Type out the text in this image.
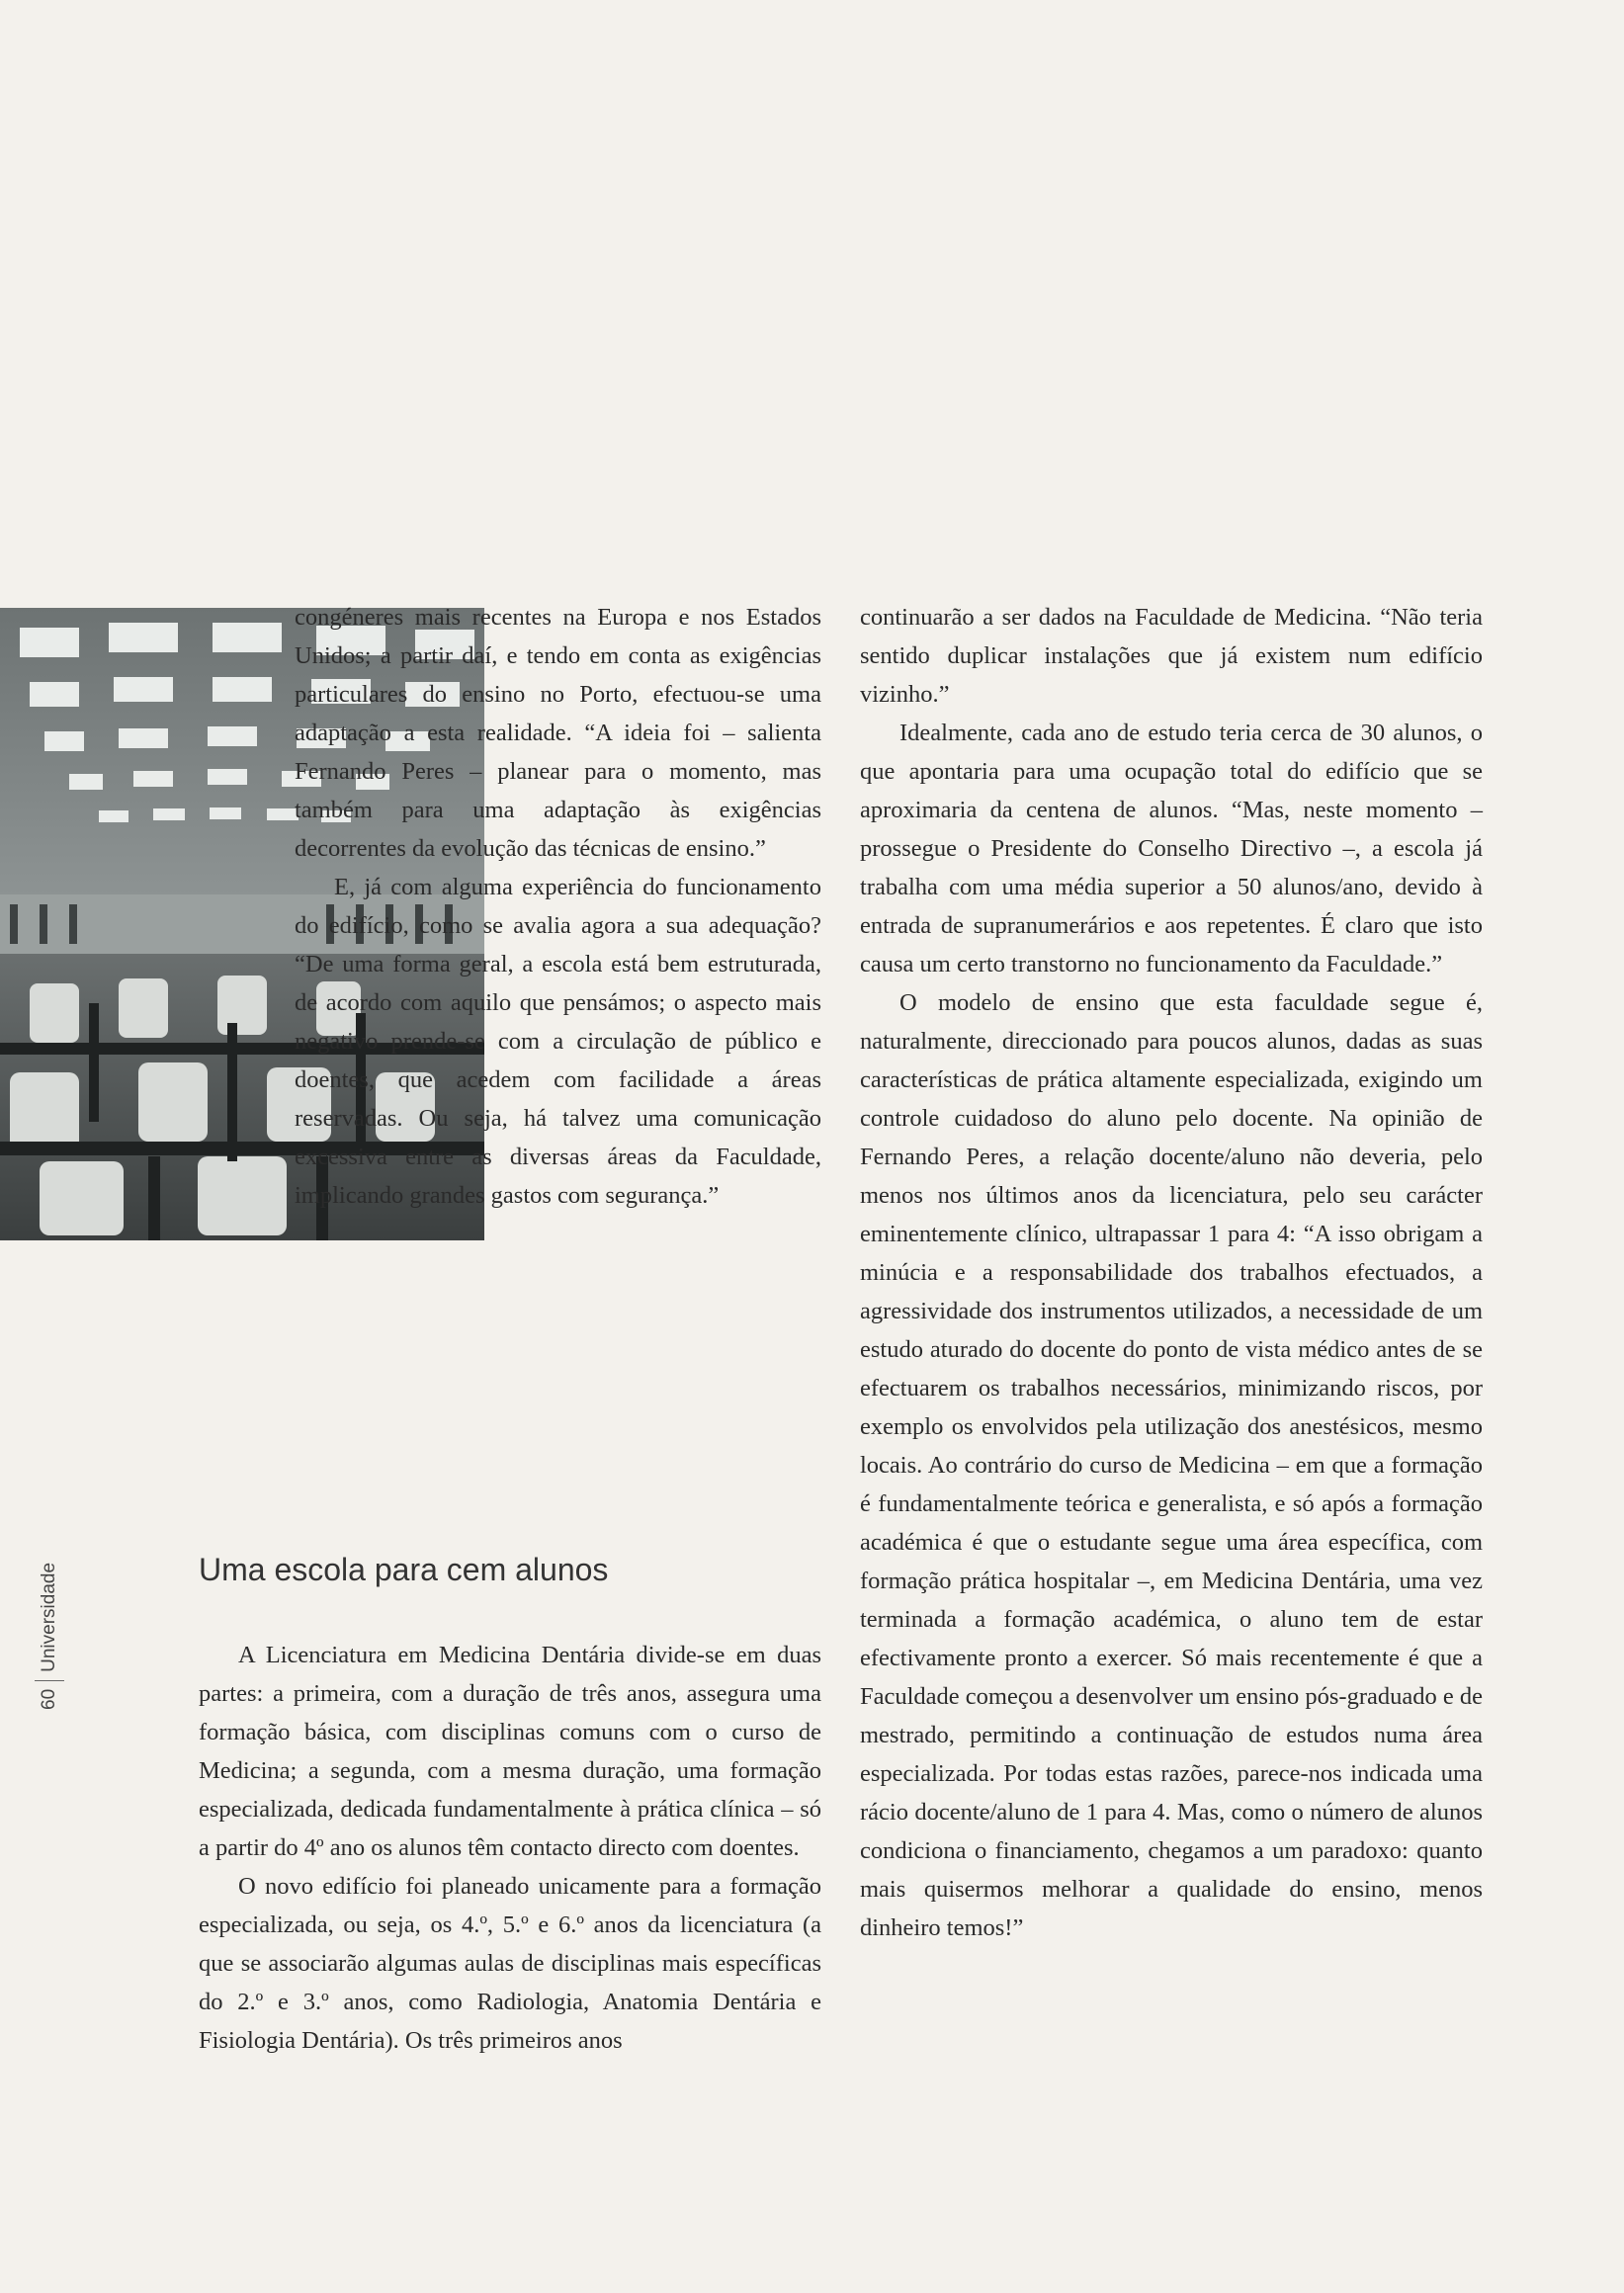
60Universidade

congéneres mais recentes na Europa e nos Estados Unidos; a partir daí, e tendo em conta as exigências particulares do ensino no Porto, efectuou-se uma adaptação a esta realidade. “A ideia foi – salienta Fernando Peres – planear para o momento, mas também para uma adaptação às exigências decorrentes da evolução das técnicas de ensino.”

E, já com alguma experiência do funcionamento do edifício, como se avalia agora a sua adequação? “De uma forma geral, a escola está bem estruturada, de acordo com aquilo que pensámos; o aspecto mais negativo prende-se com a circulação de público e doentes, que acedem com facilidade a áreas reservadas. Ou seja, há talvez uma comunicação excessiva entre as diversas áreas da Faculdade, implicando grandes gastos com segurança.”

Uma escola para cem alunos

A Licenciatura em Medicina Dentária divide-se em duas partes: a primeira, com a duração de três anos, assegura uma formação básica, com disciplinas comuns com o curso de Medicina; a segunda, com a mesma duração, uma formação especializada, dedicada fundamentalmente à prática clínica – só a partir do 4º ano os alunos têm contacto directo com doentes.

O novo edifício foi planeado unicamente para a formação especializada, ou seja, os 4.º, 5.º e 6.º anos da licenciatura (a que se associarão algumas aulas de disciplinas mais específicas do 2.º e 3.º anos, como Radiologia, Anatomia Dentária e Fisiologia Dentária). Os três primeiros anos

continuarão a ser dados na Faculdade de Medicina. “Não teria sentido duplicar instalações que já existem num edifício vizinho.”

Idealmente, cada ano de estudo teria cerca de 30 alunos, o que apontaria para uma ocupação total do edifício que se aproximaria da centena de alunos. “Mas, neste momento – prossegue o Presidente do Conselho Directivo –, a escola já trabalha com uma média superior a 50 alunos/ano, devido à entrada de supranumerários e aos repetentes. É claro que isto causa um certo transtorno no funcionamento da Faculdade.”

O modelo de ensino que esta faculdade segue é, naturalmente, direccionado para poucos alunos, dadas as suas características de prática altamente especializada, exigindo um controle cuidadoso do aluno pelo docente. Na opinião de Fernando Peres, a relação docente/aluno não deveria, pelo menos nos últimos anos da licenciatura, pelo seu carácter eminentemente clínico, ultrapassar 1 para 4: “A isso obrigam a minúcia e a responsabilidade dos trabalhos efectuados, a agressividade dos instrumentos utilizados, a necessidade de um estudo aturado do docente do ponto de vista médico antes de se efectuarem os trabalhos necessários, minimizando riscos, por exemplo os envolvidos pela utilização dos anestésicos, mesmo locais. Ao contrário do curso de Medicina – em que a formação é fundamentalmente teórica e generalista, e só após a formação académica é que o estudante segue uma área específica, com formação prática hospitalar –, em Medicina Dentária, uma vez terminada a formação académica, o aluno tem de estar efectivamente pronto a exercer. Só mais recentemente é que a Faculdade começou a desenvolver um ensino pós-graduado e de mestrado, permitindo a continuação de estudos numa área especializada. Por todas estas razões, parece-nos indicada uma rácio docente/aluno de 1 para 4. Mas, como o número de alunos condiciona o financiamento, chegamos a um paradoxo: quanto mais quisermos melhorar a qualidade do ensino, menos dinheiro temos!”
